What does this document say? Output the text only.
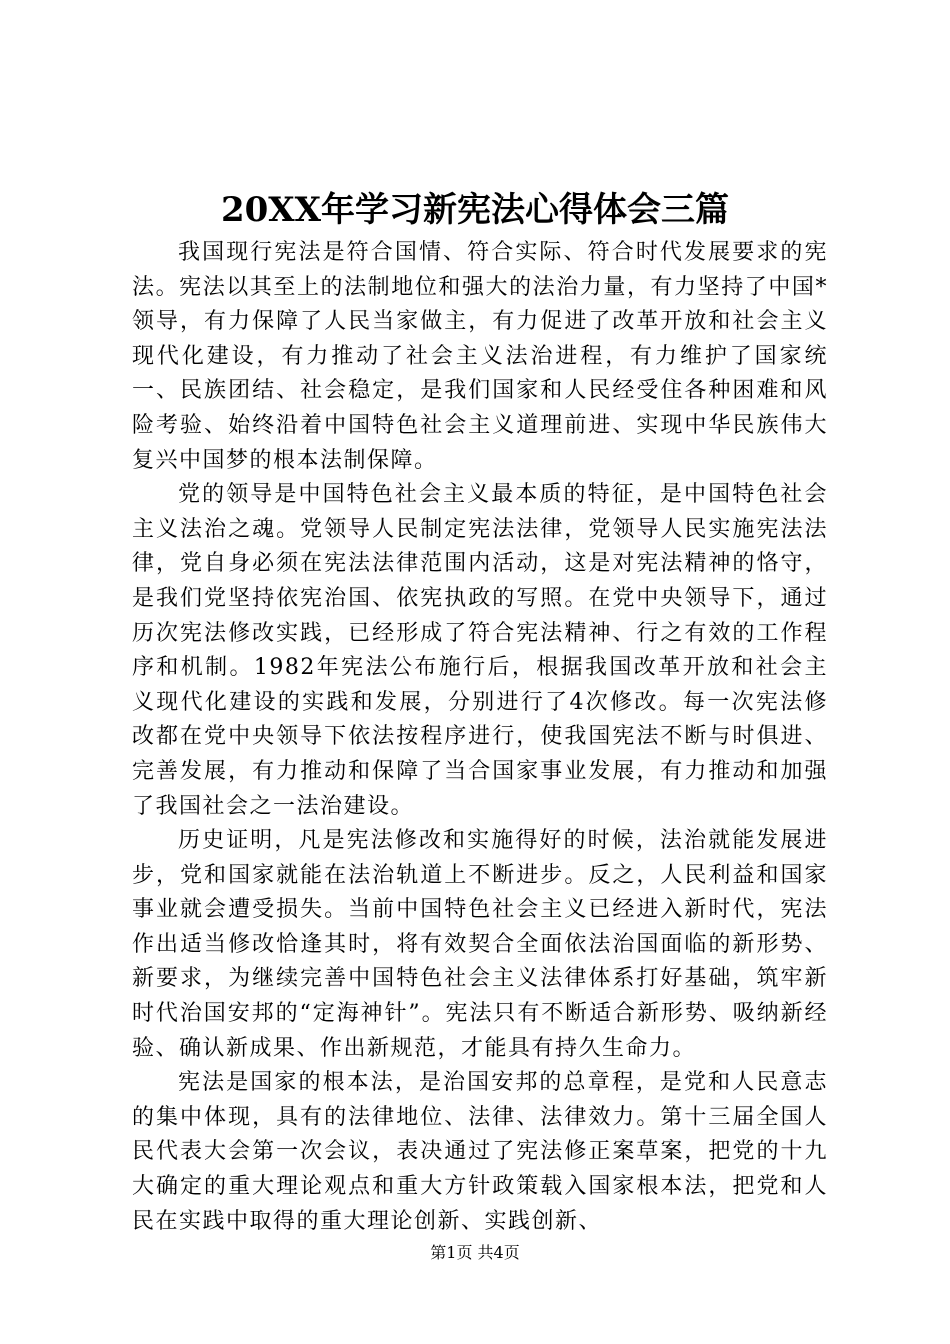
20XX年学习新宪法心得体会三篇

我国现行宪法是符合国情、符合实际、符合时代发展要求的宪法。宪法以其至上的法制地位和强大的法治力量，有力坚持了中国*领导，有力保障了人民当家做主，有力促进了改革开放和社会主义现代化建设，有力推动了社会主义法治进程，有力维护了国家统一、民族团结、社会稳定，是我们国家和人民经受住各种困难和风险考验、始终沿着中国特色社会主义道理前进、实现中华民族伟大复兴中国梦的根本法制保障。

党的领导是中国特色社会主义最本质的特征，是中国特色社会主义法治之魂。党领导人民制定宪法法律，党领导人民实施宪法法律，党自身必须在宪法法律范围内活动，这是对宪法精神的恪守，是我们党坚持依宪治国、依宪执政的写照。在党中央领导下，通过历次宪法修改实践，已经形成了符合宪法精神、行之有效的工作程序和机制。1982年宪法公布施行后，根据我国改革开放和社会主义现代化建设的实践和发展，分别进行了4次修改。每一次宪法修改都在党中央领导下依法按程序进行，使我国宪法不断与时俱进、完善发展，有力推动和保障了当合国家事业发展，有力推动和加强了我国社会之一法治建设。

历史证明，凡是宪法修改和实施得好的时候，法治就能发展进步，党和国家就能在法治轨道上不断进步。反之，人民利益和国家事业就会遭受损失。当前中国特色社会主义已经进入新时代，宪法作出适当修改恰逢其时，将有效契合全面依法治国面临的新形势、新要求，为继续完善中国特色社会主义法律体系打好基础，筑牢新时代治国安邦的“定海神针”。宪法只有不断适合新形势、吸纳新经验、确认新成果、作出新规范，才能具有持久生命力。

宪法是国家的根本法，是治国安邦的总章程，是党和人民意志的集中体现，具有的法律地位、法律、法律效力。第十三届全国人民代表大会第一次会议，表决通过了宪法修正案草案，把党的十九大确定的重大理论观点和重大方针政策载入国家根本法，把党和人民在实践中取得的重大理论创新、实践创新、

第1页 共4页
